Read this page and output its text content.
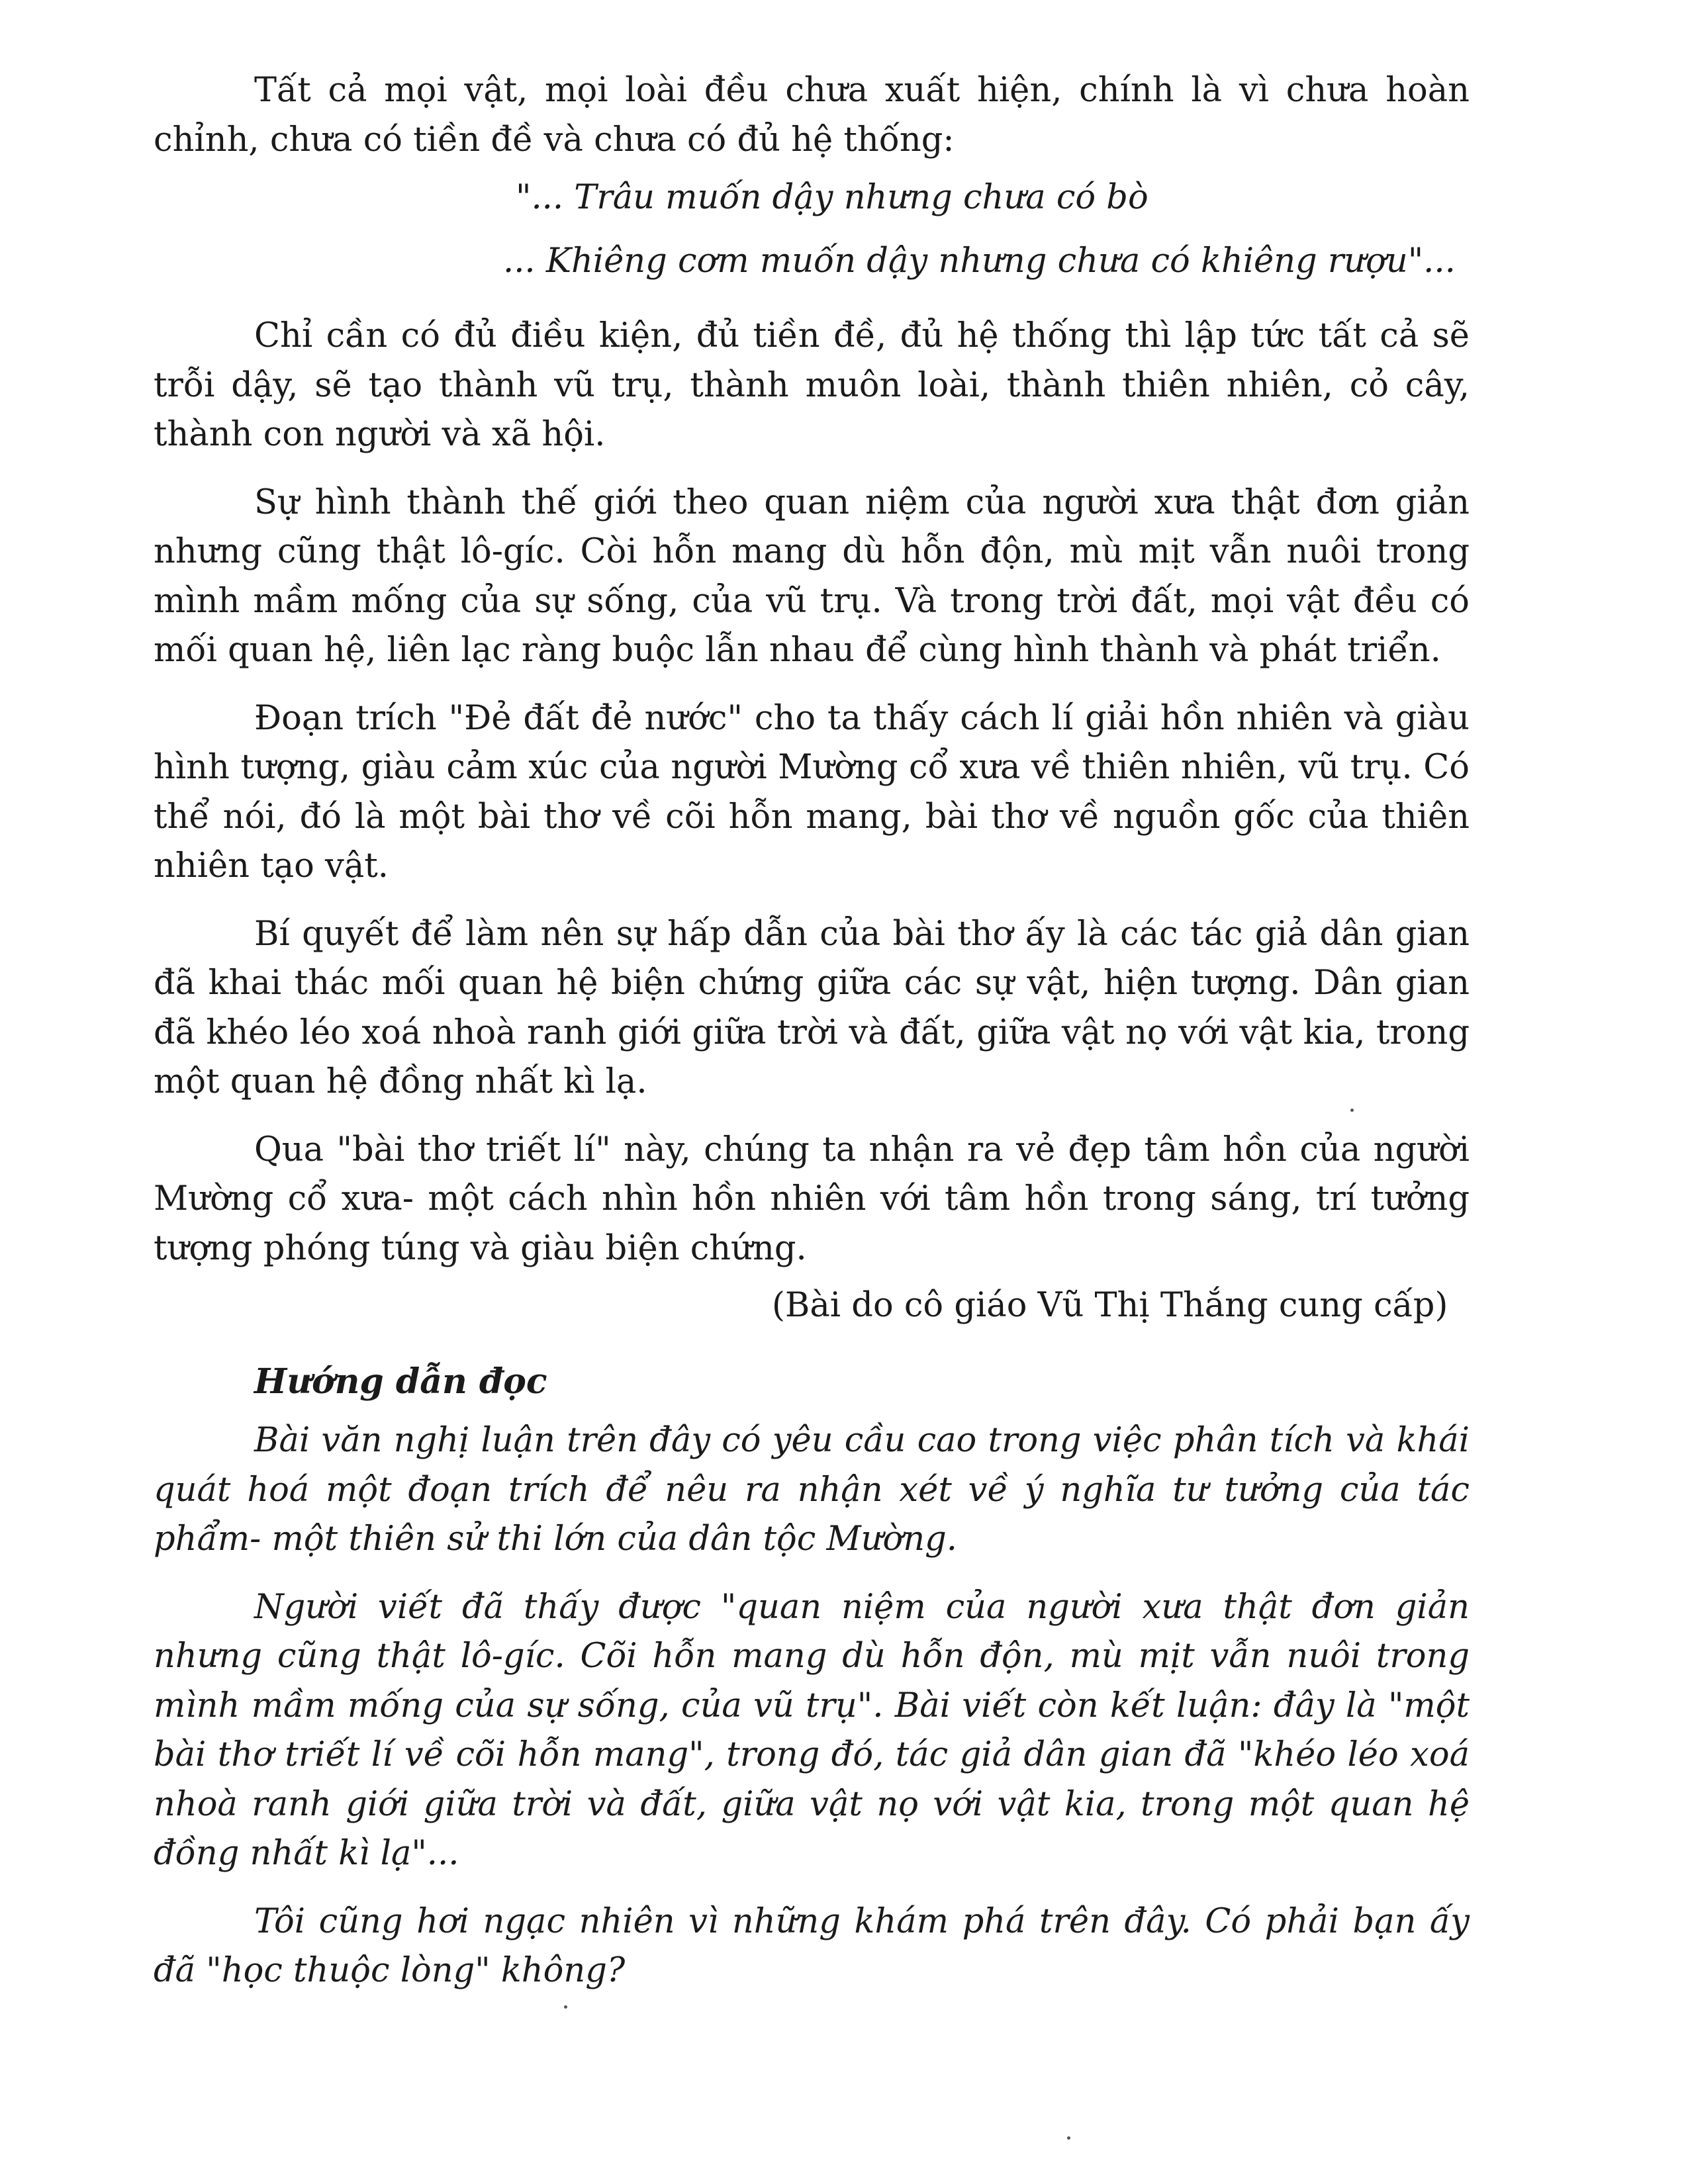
Tất cả mọi vật, mọi loài đều chưa xuất hiện, chính là vì chưa hoàn chỉnh, chưa có tiền đề và chưa có đủ hệ thống:

"... Trâu muốn dậy nhưng chưa có bò

... Khiêng cơm muốn dậy nhưng chưa có khiêng rượu"...

Chỉ cần có đủ điều kiện, đủ tiền đề, đủ hệ thống thì lập tức tất cả sẽ trỗi dậy, sẽ tạo thành vũ trụ, thành muôn loài, thành thiên nhiên, cỏ cây, thành con người và xã hội.

Sự hình thành thế giới theo quan niệm của người xưa thật đơn giản nhưng cũng thật lô-gíc. Còi hỗn mang dù hỗn độn, mù mịt vẫn nuôi trong mình mầm mống của sự sống, của vũ trụ. Và trong trời đất, mọi vật đều có mối quan hệ, liên lạc ràng buộc lẫn nhau để cùng hình thành và phát triển.

Đoạn trích "Đẻ đất đẻ nước" cho ta thấy cách lí giải hồn nhiên và giàu hình tượng, giàu cảm xúc của người Mường cổ xưa về thiên nhiên, vũ trụ. Có thể nói, đó là một bài thơ về cõi hỗn mang, bài thơ về nguồn gốc của thiên nhiên tạo vật.

Bí quyết để làm nên sự hấp dẫn của bài thơ ấy là các tác giả dân gian đã khai thác mối quan hệ biện chứng giữa các sự vật, hiện tượng. Dân gian đã khéo léo xoá nhoà ranh giới giữa trời và đất, giữa vật nọ với vật kia, trong một quan hệ đồng nhất kì lạ.

Qua "bài thơ triết lí" này, chúng ta nhận ra vẻ đẹp tâm hồn của người Mường cổ xưa- một cách nhìn hồn nhiên với tâm hồn trong sáng, trí tưởng tượng phóng túng và giàu biện chứng.

(Bài do cô giáo Vũ Thị Thắng cung cấp)

Hướng dẫn đọc

Bài văn nghị luận trên đây có yêu cầu cao trong việc phân tích và khái quát hoá một đoạn trích để nêu ra nhận xét về ý nghĩa tư tưởng của tác phẩm- một thiên sử thi lớn của dân tộc Mường.

Người viết đã thấy được "quan niệm của người xưa thật đơn giản nhưng cũng thật lô-gíc. Cõi hỗn mang dù hỗn độn, mù mịt vẫn nuôi trong mình mầm mống của sự sống, của vũ trụ". Bài viết còn kết luận: đây là "một bài thơ triết lí về cõi hỗn mang", trong đó, tác giả dân gian đã "khéo léo xoá nhoà ranh giới giữa trời và đất, giữa vật nọ với vật kia, trong một quan hệ đồng nhất kì lạ"...

Tôi cũng hơi ngạc nhiên vì những khám phá trên đây. Có phải bạn ấy đã "học thuộc lòng" không?
